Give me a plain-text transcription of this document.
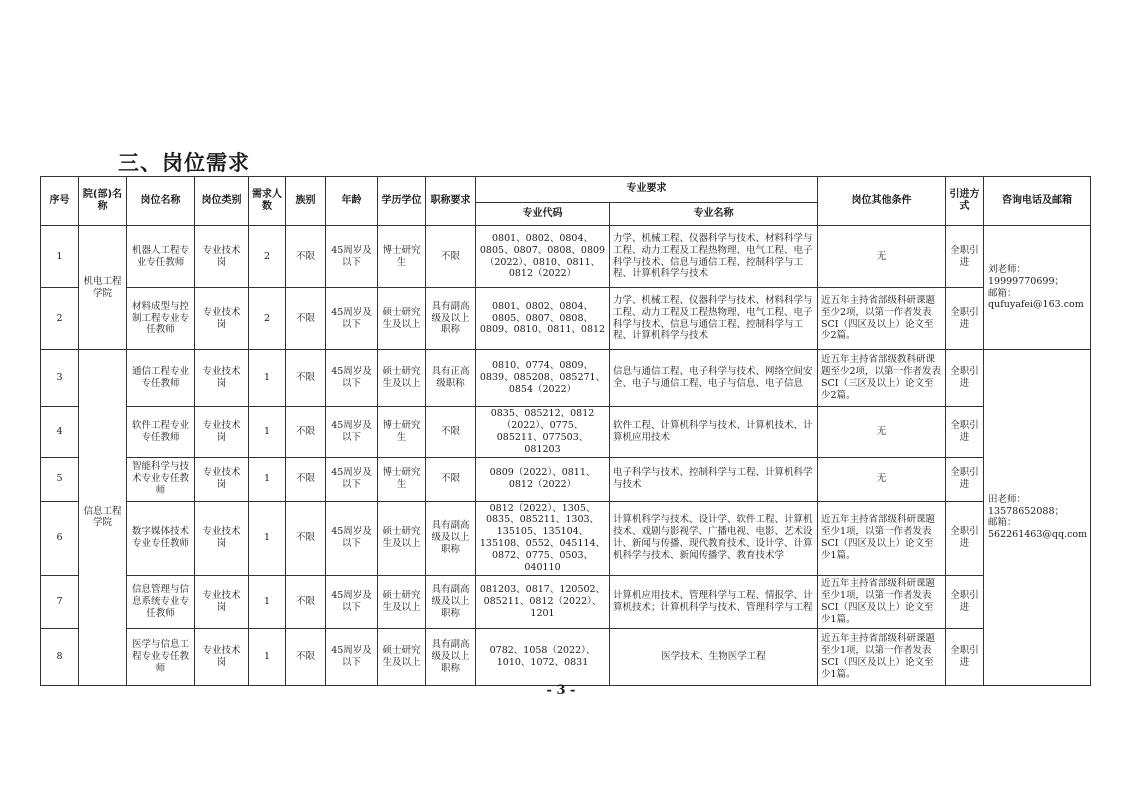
三、岗位需求
序号	院(部)名称	岗位名称	岗位类别	需求人数	族别	年龄	学历学位	职称要求	专业要求		岗位其他条件	引进方式	咨询电话及邮箱
									专业代码	专业名称			
1	机电工程学院	机器人工程专业专任教师	专业技术岗	2	不限	45周岁及以下	博士研究生	不限	0801、0802、0804、0805、0807、0808、0809（2022）、0810、0811、0812（2022）	力学、机械工程、仪器科学与技术、材料科学与工程、动力工程及工程热物理、电气工程、电子科学与技术、信息与通信工程、控制科学与工程、计算机科学与技术	无	全职引进	刘老师：
19999770699；
邮箱：
qufuyafei@163.com

2		材料成型与控制工程专业专任教师	专业技术岗	2	不限	45周岁及以下	硕士研究生及以上	具有副高级及以上职称	0801、0802、0804、0805、0807、0808、0809、0810、0811、0812	力学、机械工程、仪器科学与技术、材料科学与工程、动力工程及工程热物理、电气工程、电子科学与技术、信息与通信工程、控制科学与工程、计算机科学与技术	近五年主持省部级科研课题至少2项，以第一作者发表SCI（四区及以上）论文至少2篇。	全职引进	
3	信息工程学院	通信工程专业专任教师	专业技术岗	1	不限	45周岁及以下	硕士研究生及以上	具有正高级职称	0810、0774、0809、0839、085208、085271、0854（2022）	信息与通信工程、电子科学与技术、网络空间安全、电子与通信工程、电子与信息、电子信息	近五年主持省部级教科研课题至少2项，以第一作者发表SCI（三区及以上）论文至少2篇。	全职引进	田老师：
13578652088；
邮箱：
562261463@qq.com

4		软件工程专业专任教师	专业技术岗	1	不限	45周岁及以下	博士研究生	不限	0835、085212、0812（2022）、0775、085211、077503、081203	软件工程、计算机科学与技术、计算机技术、计算机应用技术	无	全职引进	
5		智能科学与技术专业专任教师	专业技术岗	1	不限	45周岁及以下	博士研究生	不限	0809（2022）、0811、0812（2022）	电子科学与技术、控制科学与工程、计算机科学与技术	无	全职引进	
6		数字媒体技术专业专任教师	专业技术岗	1	不限	45周岁及以下	硕士研究生及以上	具有副高级及以上职称	0812（2022）、1305、0835、085211、1303、135105、135104、135108、0552、045114、0872、0775、0503、040110	计算机科学与技术、设计学、软件工程、计算机技术、戏剧与影视学、广播电视、电影、艺术设计、新闻与传播、现代教育技术、设计学、计算机科学与技术、新闻传播学、教育技术学	近五年主持省部级科研课题至少1项，以第一作者发表SCI（四区及以上）论文至少1篇。	全职引进	
7		信息管理与信息系统专业专任教师	专业技术岗	1	不限	45周岁及以下	硕士研究生及以上	具有副高级及以上职称	081203、0817、120502、085211、0812（2022）、1201	计算机应用技术、管理科学与工程、情报学、计算机技术；计算机科学与技术、管理科学与工程	近五年主持省部级科研课题至少1项，以第一作者发表SCI（四区及以上）论文至少1篇。	全职引进	
8		医学与信息工程专业专任教师	专业技术岗	1	不限	45周岁及以下	硕士研究生及以上	具有副高级及以上职称	0782、1058（2022）、1010、1072、0831	医学技术、生物医学工程	近五年主持省部级科研课题至少1项，以第一作者发表SCI（四区及以上）论文至少1篇。	全职引进	
- 3 -
